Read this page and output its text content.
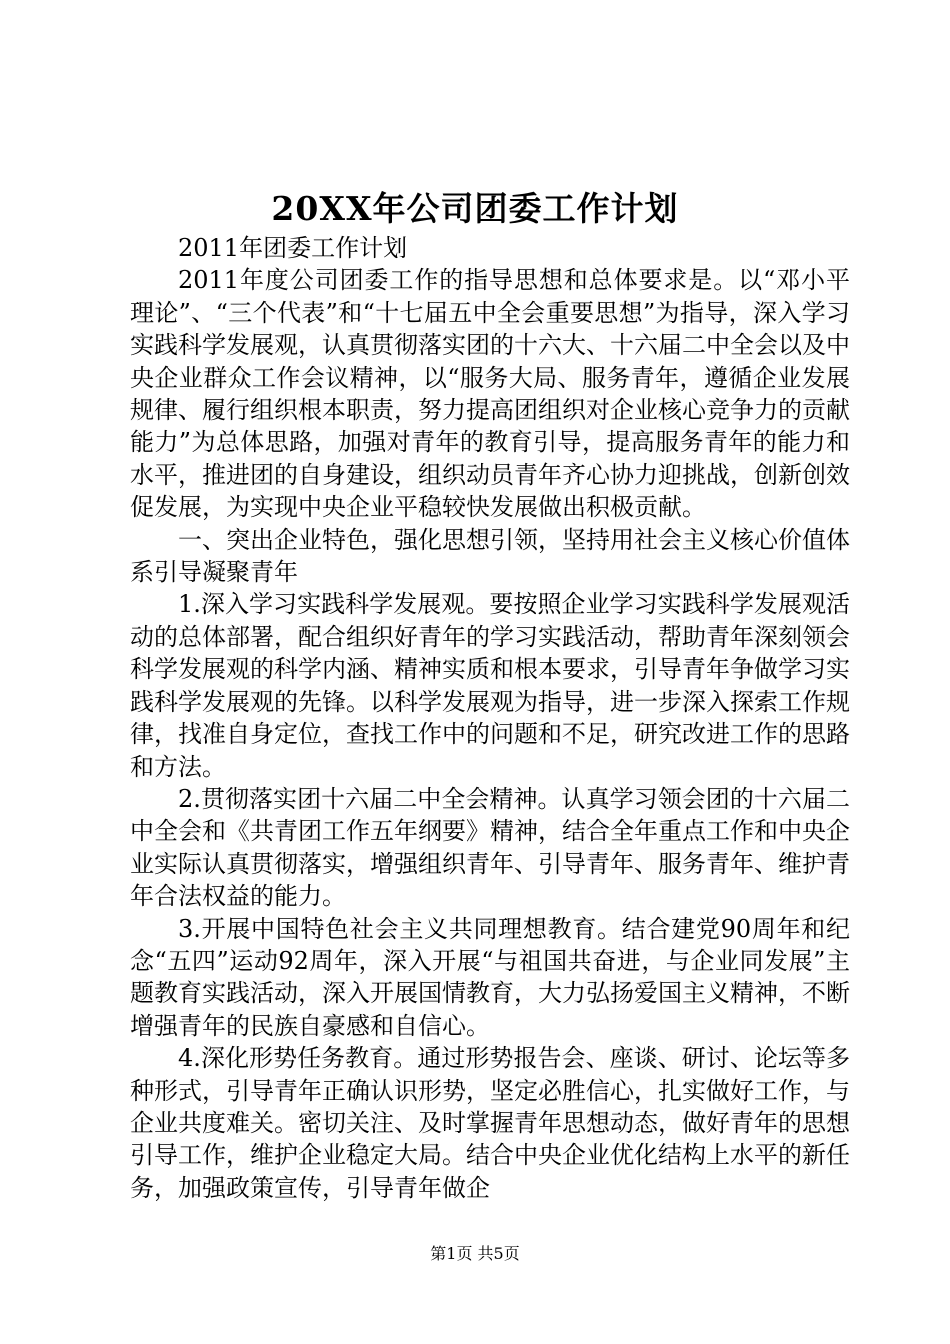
20XX年公司团委工作计划

2011年团委工作计划

2011年度公司团委工作的指导思想和总体要求是。以“邓小平理论”、“三个代表”和“十七届五中全会重要思想”为指导，深入学习实践科学发展观，认真贯彻落实团的十六大、十六届二中全会以及中央企业群众工作会议精神，以“服务大局、服务青年，遵循企业发展规律、履行组织根本职责，努力提高团组织对企业核心竞争力的贡献能力”为总体思路，加强对青年的教育引导，提高服务青年的能力和水平，推进团的自身建设，组织动员青年齐心协力迎挑战，创新创效促发展，为实现中央企业平稳较快发展做出积极贡献。

一、突出企业特色，强化思想引领，坚持用社会主义核心价值体系引导凝聚青年

1.深入学习实践科学发展观。要按照企业学习实践科学发展观活动的总体部署，配合组织好青年的学习实践活动，帮助青年深刻领会科学发展观的科学内涵、精神实质和根本要求，引导青年争做学习实践科学发展观的先锋。以科学发展观为指导，进一步深入探索工作规律，找准自身定位，查找工作中的问题和不足，研究改进工作的思路和方法。

2.贯彻落实团十六届二中全会精神。认真学习领会团的十六届二中全会和《共青团工作五年纲要》精神，结合全年重点工作和中央企业实际认真贯彻落实，增强组织青年、引导青年、服务青年、维护青年合法权益的能力。

3.开展中国特色社会主义共同理想教育。结合建党90周年和纪念“五四”运动92周年，深入开展“与祖国共奋进，与企业同发展”主题教育实践活动，深入开展国情教育，大力弘扬爱国主义精神，不断增强青年的民族自豪感和自信心。

4.深化形势任务教育。通过形势报告会、座谈、研讨、论坛等多种形式，引导青年正确认识形势，坚定必胜信心，扎实做好工作，与企业共度难关。密切关注、及时掌握青年思想动态，做好青年的思想引导工作，维护企业稳定大局。结合中央企业优化结构上水平的新任务，加强政策宣传，引导青年做企

第1页 共5页
